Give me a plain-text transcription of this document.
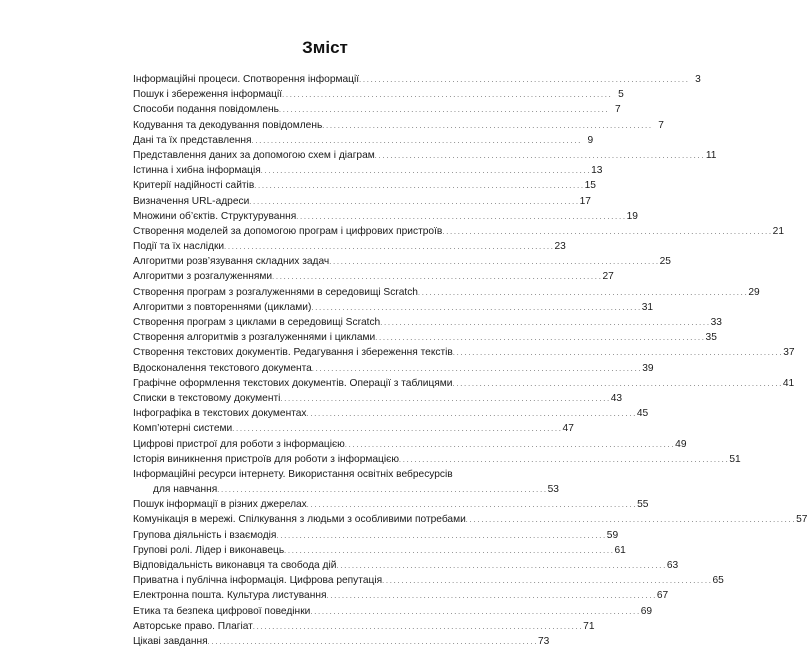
Зміст
Інформаційні процеси. Спотворення інформації . . .	3
Пошук і збереження інформації . . .	5
Способи подання повідомлень . . .	7
Кодування та декодування повідомлень . . .	7
Дані та їх представлення . . .	9
Представлення даних за допомогою схем і діаграм . . .	11
Істинна і хибна інформація . . .	13
Критерії надійності сайтів . . .	15
Визначення URL-адреси . . .	17
Множини об’єктів. Структурування . . .	19
Створення моделей за допомогою програм і цифрових пристроїв . . .	21
Події та їх наслідки . . .	23
Алгоритми розв’язування складних задач . . .	25
Алгоритми з розгалуженнями . . .	27
Створення програм з розгалуженнями в середовищі Scratch . . .	29
Алгоритми з повтореннями (циклами) . . .	31
Створення програм з циклами в середовищі Scratch . . .	33
Створення алгоритмів з розгалуженнями і циклами . . .	35
Створення текстових документів. Редагування і збереження текстів . . .	37
Вдосконалення текстового документа . . .	39
Графічне оформлення текстових документів. Операції з таблицями . . .	41
Списки в текстовому документі . . .	43
Інфографіка в текстових документах . . .	45
Комп’ютерні системи . . .	47
Цифрові пристрої для роботи з інформацією . . .	49
Історія виникнення пристроїв для роботи з інформацією . . .	51
Інформаційні ресурси інтернету. Використання освітніх вебресурсів
для навчання . . .	53
Пошук інформації в різних джерелах . . .	55
Комунікація в мережі. Спілкування з людьми з особливими потребами . . .	57
Групова діяльність і взаємодія . . .	59
Групові ролі. Лідер і виконавець . . .	61
Відповідальність виконавця та свобода дій . . .	63
Приватна і публічна інформація. Цифрова репутація . . .	65
Електронна пошта. Культура листування . . .	67
Етика та безпека цифрової поведінки . . .	69
Авторське право. Плагіат . . .	71
Цікаві завдання . . .	73
